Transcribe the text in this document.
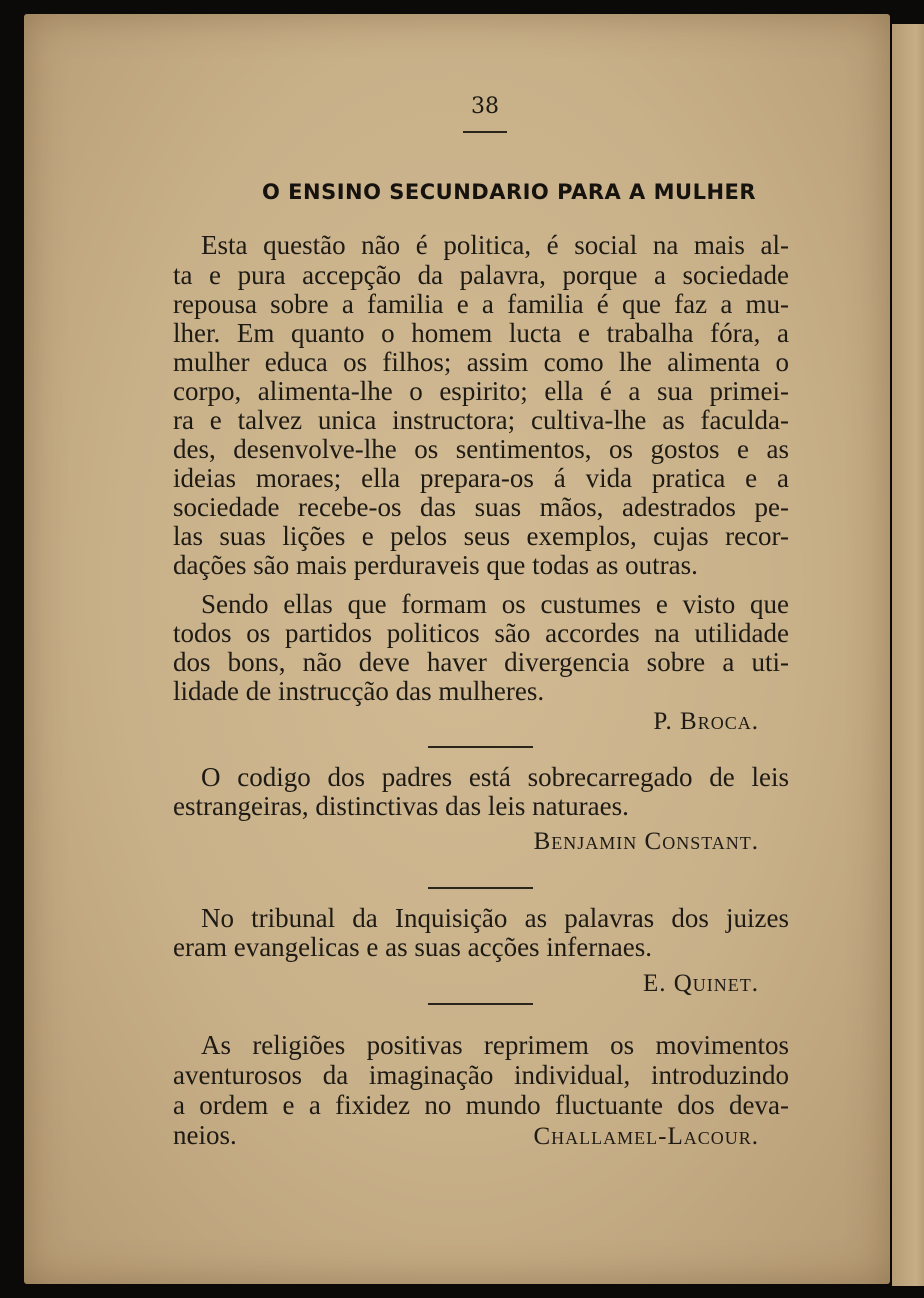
38
O ENSINO SECUNDARIO PARA A MULHER

Esta questão não é politica, é social na mais al-

ta e pura accepção da palavra, porque a sociedade

repousa sobre a familia e a familia é que faz a mu-

lher. Em quanto o homem lucta e trabalha fóra, a

mulher educa os filhos; assim como lhe alimenta o

corpo, alimenta-lhe o espirito; ella é a sua primei-

ra e talvez unica instructora; cultiva-lhe as faculda-

des, desenvolve-lhe os sentimentos, os gostos e as

ideias moraes; ella prepara-os á vida pratica e a

sociedade recebe-os das suas mãos, adestrados pe-

las suas lições e pelos seus exemplos, cujas recor-

dações são mais perduraveis que todas as outras.

Sendo ellas que formam os custumes e visto que

todos os partidos politicos são accordes na utilidade

dos bons, não deve haver divergencia sobre a uti-

lidade de instrucção das mulheres.

P. Broca.

O codigo dos padres está sobrecarregado de leis

estrangeiras, distinctivas das leis naturaes.

Benjamin Constant.

No tribunal da Inquisição as palavras dos juizes

eram evangelicas e as suas acções infernaes.

E. Quinet.

As religiões positivas reprimem os movimentos

aventurosos da imaginação individual, introduzindo

a ordem e a fixidez no mundo fluctuante dos deva-

neios.	Challamel-Lacour.
